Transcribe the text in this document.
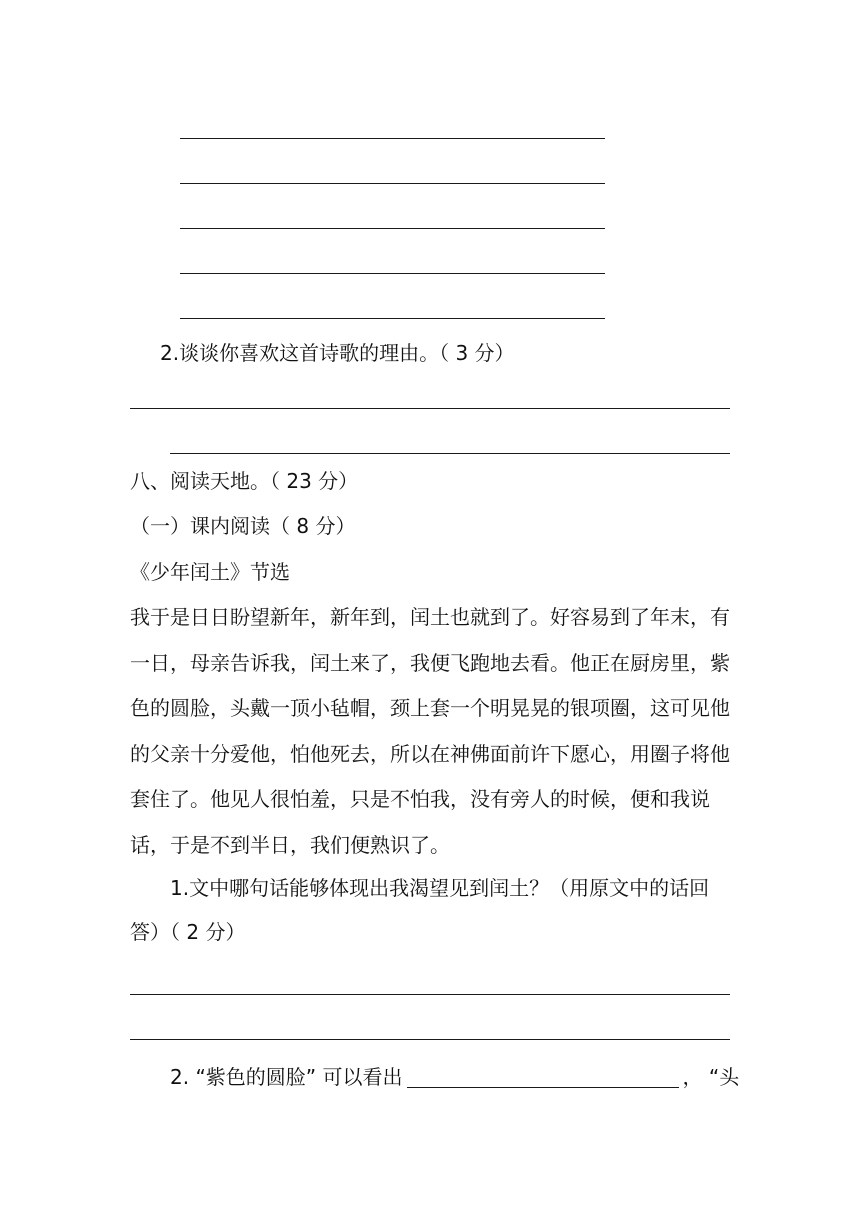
2.谈谈你喜欢这首诗歌的理由。（ 3 分）
八、阅读天地。（ 23 分）
（一）课内阅读（ 8 分）
《少年闰土》节选
我于是日日盼望新年，新年到，闰土也就到了。好容易到了年末，有
一日，母亲告诉我，闰土来了，我便飞跑地去看。他正在厨房里，紫
色的圆脸，头戴一顶小毡帽，颈上套一个明晃晃的银项圈，这可见他
的父亲十分爱他，怕他死去，所以在神佛面前许下愿心，用圈子将他
套住了。他见人很怕羞，只是不怕我，没有旁人的时候，便和我说
话，于是不到半日，我们便熟识了。
1.文中哪句话能够体现出我渴望见到闰土？（用原文中的话回
答）（ 2 分）
2. “紫色的圆脸” 可以看出	， “头
